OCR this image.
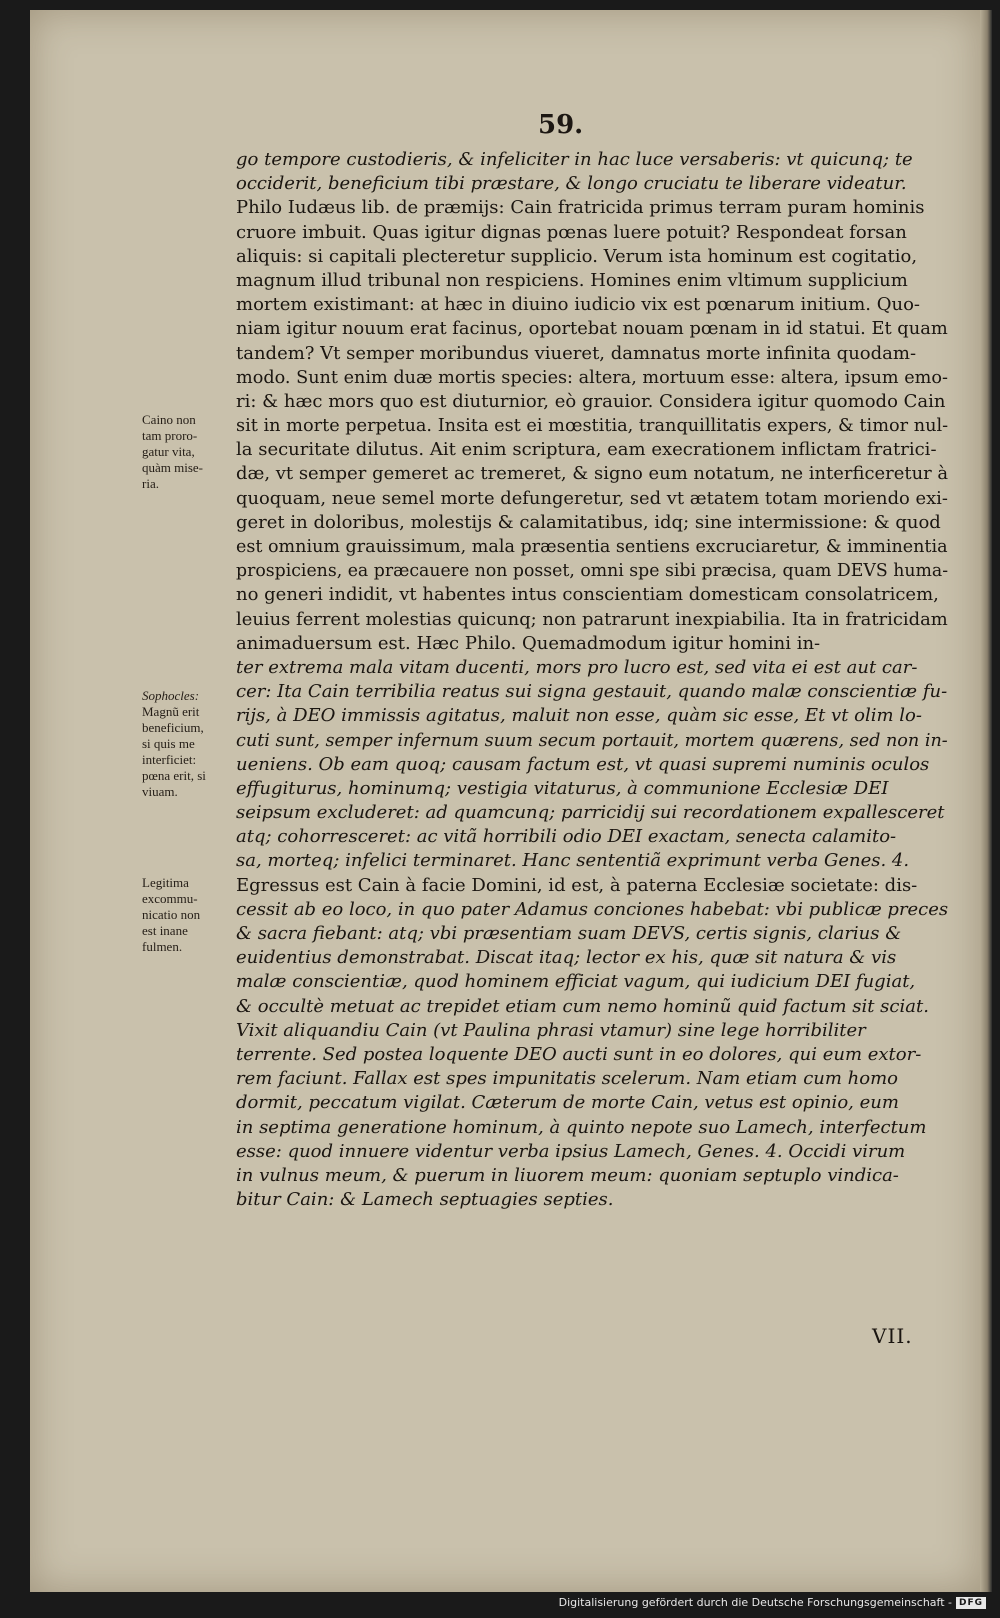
59.
Caino non
tam proro-
gatur vita,
quàm mise-
ria.
Sophocles:
Magnũ erit
beneficium,
si quis me
interficiet:
pœna erit, si
viuam.
Legitima
excommu-
nicatio non
est inane
fulmen.
go tempore custodieris, & infeliciter in hac luce versaberis: vt quicunq; te
occiderit, beneficium tibi præstare, & longo cruciatu te liberare videatur.
Philo Iudæus lib. de præmijs: Cain fratricida primus terram puram hominis
cruore imbuit. Quas igitur dignas pœnas luere potuit? Respondeat forsan
aliquis: si capitali plecteretur supplicio. Verum ista hominum est cogitatio,
magnum illud tribunal non respiciens. Homines enim vltimum supplicium
mortem existimant: at hæc in diuino iudicio vix est pœnarum initium. Quo-
niam igitur nouum erat facinus, oportebat nouam pœnam in id statui. Et quam
tandem? Vt semper moribundus viueret, damnatus morte infinita quodam-
modo. Sunt enim duæ mortis species: altera, mortuum esse: altera, ipsum emo-
ri: & hæc mors quo est diuturnior, eò grauior. Considera igitur quomodo Cain
sit in morte perpetua. Insita est ei mœstitia, tranquillitatis expers, & timor nul-
la securitate dilutus. Ait enim scriptura, eam execrationem inflictam fratrici-
dæ, vt semper gemeret ac tremeret, & signo eum notatum, ne interficeretur à
quoquam, neue semel morte defungeretur, sed vt ætatem totam moriendo exi-
geret in doloribus, molestijs & calamitatibus, idq; sine intermissione: & quod
est omnium grauissimum, mala præsentia sentiens excruciaretur, & imminentia
prospiciens, ea præcauere non posset, omni spe sibi præcisa, quam DEVS huma-
no generi indidit, vt habentes intus conscientiam domesticam consolatricem,
leuius ferrent molestias quicunq; non patrarunt inexpiabilia. Ita in fratricidam
animaduersum est. Hæc Philo. Quemadmodum igitur homini in-
ter extrema mala vitam ducenti, mors pro lucro est, sed vita ei est aut car-
cer: Ita Cain terribilia reatus sui signa gestauit, quando malæ conscientiæ fu-
rijs, à DEO immissis agitatus, maluit non esse, quàm sic esse, Et vt olim lo-
cuti sunt, semper infernum suum secum portauit, mortem quærens, sed non in-
ueniens. Ob eam quoq; causam factum est, vt quasi supremi numinis oculos
effugiturus, hominumq; vestigia vitaturus, à communione Ecclesiæ DEI
seipsum excluderet: ad quamcunq; parricidij sui recordationem expallesceret
atq; cohorresceret: ac vitã horribili odio DEI exactam, senecta calamito-
sa, morteq; infelici terminaret. Hanc sententiã exprimunt verba Genes. 4.
Egressus est Cain à facie Domini, id est, à paterna Ecclesiæ societate: dis-
cessit ab eo loco, in quo pater Adamus conciones habebat: vbi publicæ preces
& sacra fiebant: atq; vbi præsentiam suam DEVS, certis signis, clarius &
euidentius demonstrabat. Discat itaq; lector ex his, quæ sit natura & vis
malæ conscientiæ, quod hominem efficiat vagum, qui iudicium DEI fugiat,
& occultè metuat ac trepidet etiam cum nemo hominũ quid factum sit sciat.
Vixit aliquandiu Cain (vt Paulina phrasi vtamur) sine lege horribiliter
terrente. Sed postea loquente DEO aucti sunt in eo dolores, qui eum extor-
rem faciunt. Fallax est spes impunitatis scelerum. Nam etiam cum homo
dormit, peccatum vigilat. Cæterum de morte Cain, vetus est opinio, eum
in septima generatione hominum, à quinto nepote suo Lamech, interfectum
esse: quod innuere videntur verba ipsius Lamech, Genes. 4. Occidi virum
in vulnus meum, & puerum in liuorem meum: quoniam septuplo vindica-
bitur Cain: & Lamech septuagies septies.
VII.
Digitalisierung gefördert durch die Deutsche Forschungsgemeinschaft - DFG
